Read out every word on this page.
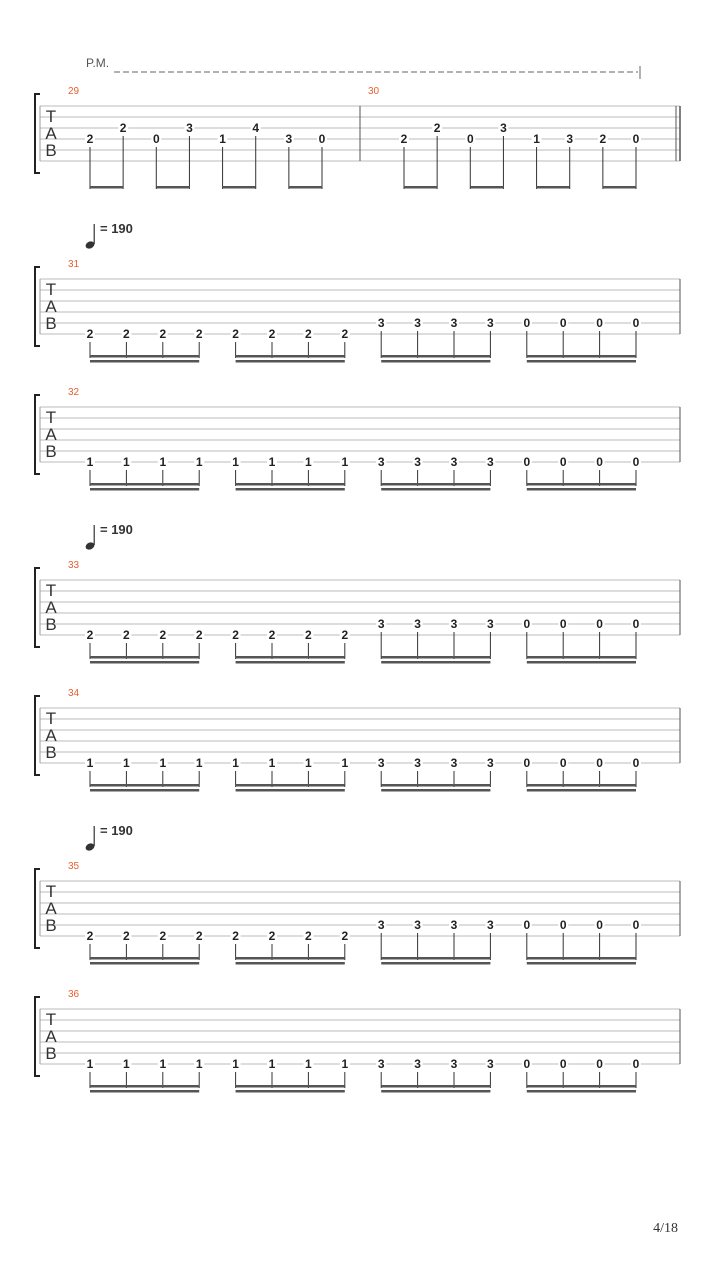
P.M.
T
A
B
29
2
2
0
3
1
4
3 0
30
2
2
0
3
1 3 2 0
T
A
B
= 190
31
2 2 2 2 2 2 2 2
3 3 3 3 0 0 0 0
T
A
B
32
1 1 1 1 1 1 1 1 3 3 3 3 0 0 0 0
T
A
B
= 190
33
2 2 2 2 2 2 2 2
3 3 3 3 0 0 0 0
T
A
B
34
1 1 1 1 1 1 1 1 3 3 3 3 0 0 0 0
T
A
B
= 190
35
2 2 2 2 2 2 2 2
3 3 3 3 0 0 0 0
T
A
B
36
1 1 1 1 1 1 1 1 3 3 3 3 0 0 0 0
4/18
